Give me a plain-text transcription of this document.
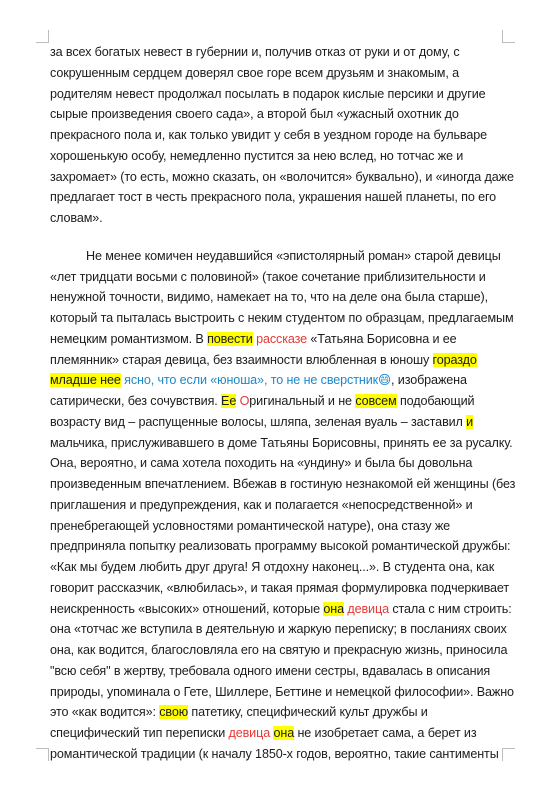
за всех богатых невест в губернии и, получив отказ от руки и от дому, с
сокрушенным сердцем доверял свое горе всем друзьям и знакомым, а
родителям невест продолжал посылать в подарок кислые персики и другие
сырые произведения своего сада», а второй был «ужасный охотник до
прекрасного пола и, как только увидит у себя в уездном городе на бульваре
хорошенькую особу, немедленно пустится за нею вслед, но тотчас же и
захромает» (то есть, можно сказать, он «волочится» буквально), и «иногда даже
предлагает тост в честь прекрасного пола, украшения нашей планеты, по его
словам».
Не менее комичен неудавшийся «эпистолярный роман» старой девицы
«лет тридцати восьми с половиной» (такое сочетание приблизительности и
ненужной точности, видимо, намекает на то, что на деле она была старше),
который та пыталась выстроить с неким студентом по образцам, предлагаемым
немецким романтизмом. В повести рассказе «Татьяна Борисовна и ее
племянник» старая девица, без взаимности влюбленная в юношу гораздо
младше нее ясно, что если «юноша», то не не сверстник😄, изображена
сатирически, без сочувствия. Ее Оригинальный и не совсем подобающий
возрасту вид – распущенные волосы, шляпа, зеленая вуаль – заставил и
мальчика, прислуживавшего в доме Татьяны Борисовны, принять ее за русалку.
Она, вероятно, и сама хотела походить на «ундину» и была бы довольна
произведенным впечатлением. Вбежав в гостиную незнакомой ей женщины (без
приглашения и предупреждения, как и полагается «непосредственной» и
пренебрегающей условностями романтической натуре), она стазу же
предприняла попытку реализовать программу высокой романтической дружбы:
«Как мы будем любить друг друга! Я отдохну наконец...». В студента она, как
говорит рассказчик, «влюбилась», и такая прямая формулировка подчеркивает
неискренность «высоких» отношений, которые она девица стала с ним строить:
она «тотчас же вступила в деятельную и жаркую переписку; в посланиях своих
она, как водится, благословляла его на святую и прекрасную жизнь, приносила
"всю себя" в жертву, требовала одного имени сестры, вдавалась в описания
природы, упоминала о Гете, Шиллере, Беттине и немецкой философии». Важно
это «как водится»: свою патетику, специфический культ дружбы и
специфический тип переписки девица она не изобретает сама, а берет из
романтической традиции (к началу 1850-х годов, вероятно, такие сантименты
